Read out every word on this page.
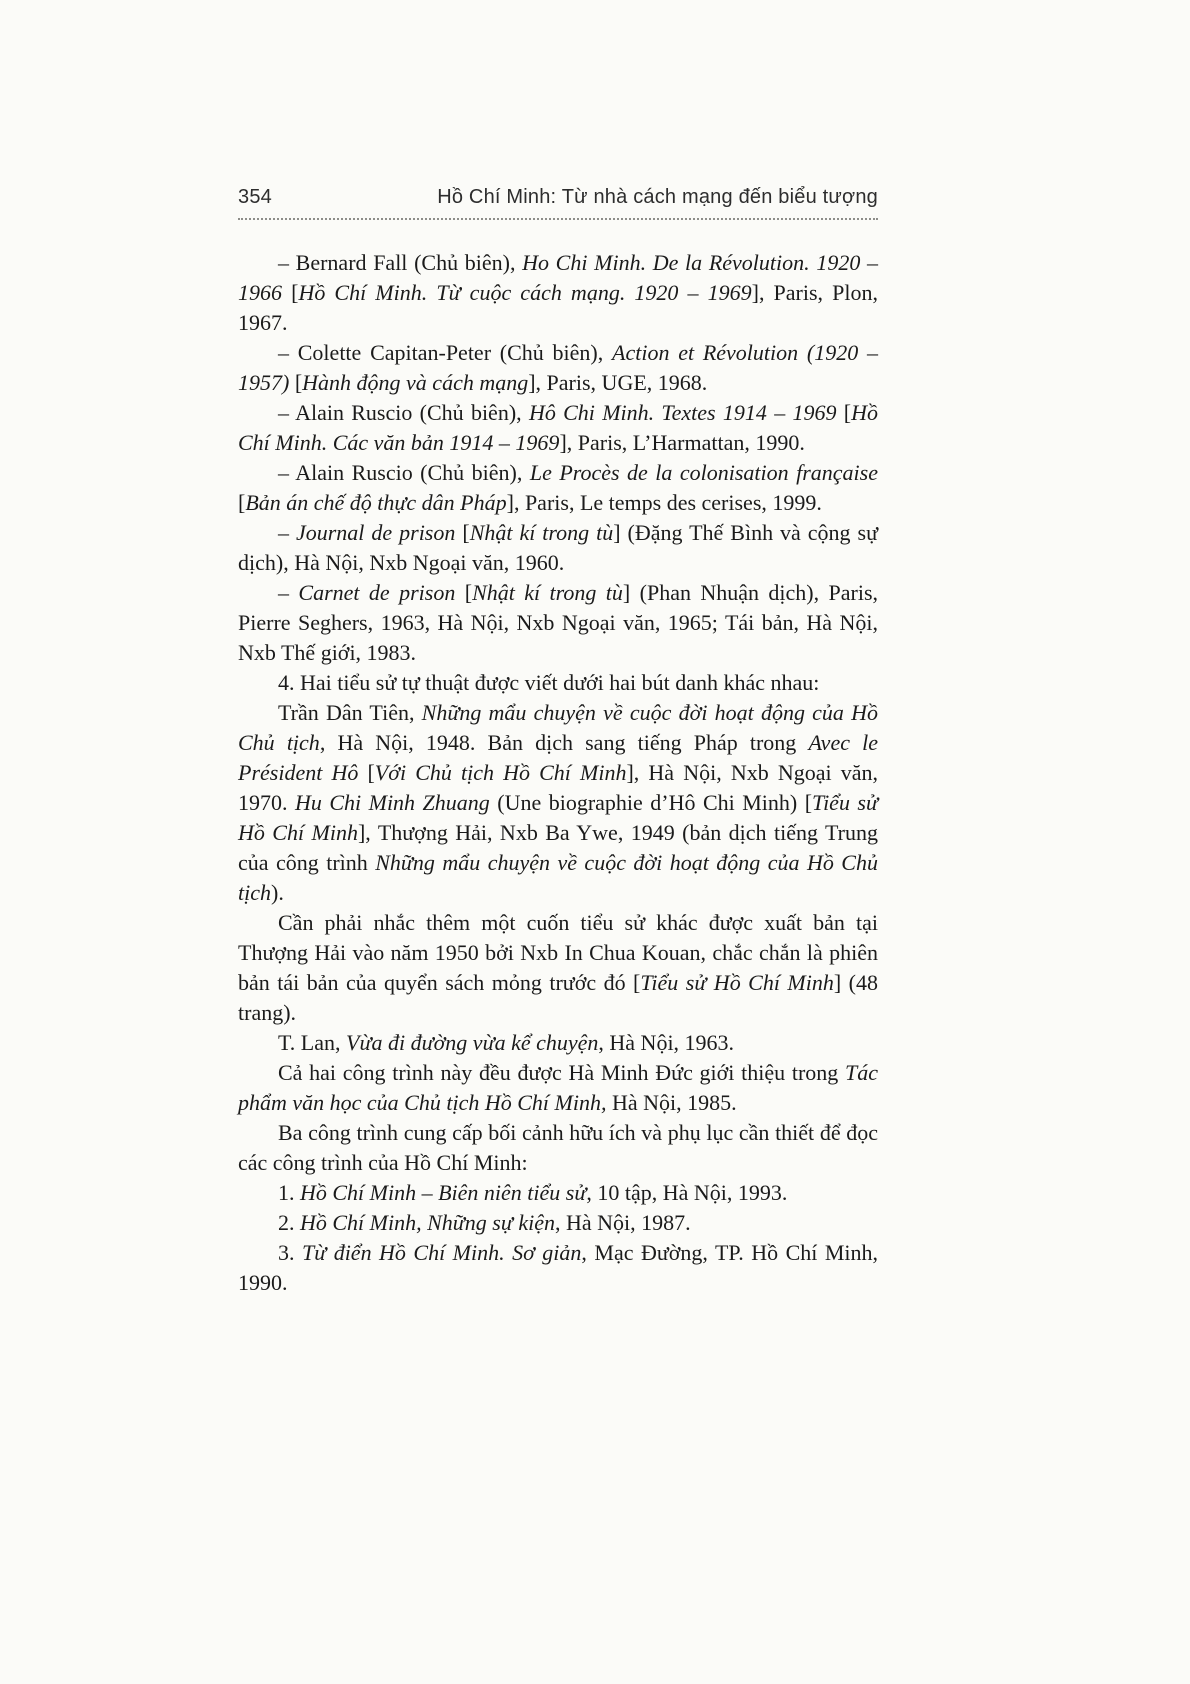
354	Hồ Chí Minh: Từ nhà cách mạng đến biểu tượng

– Bernard Fall (Chủ biên), Ho Chi Minh. De la Révolution. 1920 – 1966 [Hồ Chí Minh. Từ cuộc cách mạng. 1920 – 1969], Paris, Plon, 1967.

– Colette Capitan-Peter (Chủ biên), Action et Révolution (1920 – 1957) [Hành động và cách mạng], Paris, UGE, 1968.

– Alain Ruscio (Chủ biên), Hô Chi Minh. Textes 1914 – 1969 [Hồ Chí Minh. Các văn bản 1914 – 1969], Paris, L’Harmattan, 1990.

– Alain Ruscio (Chủ biên), Le Procès de la colonisation française [Bản án chế độ thực dân Pháp], Paris, Le temps des cerises, 1999.

– Journal de prison [Nhật kí trong tù] (Đặng Thế Bình và cộng sự dịch), Hà Nội, Nxb Ngoại văn, 1960.

– Carnet de prison [Nhật kí trong tù] (Phan Nhuận dịch), Paris, Pierre Seghers, 1963, Hà Nội, Nxb Ngoại văn, 1965; Tái bản, Hà Nội, Nxb Thế giới, 1983.

4. Hai tiểu sử tự thuật được viết dưới hai bút danh khác nhau:

Trần Dân Tiên, Những mẩu chuyện về cuộc đời hoạt động của Hồ Chủ tịch, Hà Nội, 1948. Bản dịch sang tiếng Pháp trong Avec le Président Hô [Với Chủ tịch Hồ Chí Minh], Hà Nội, Nxb Ngoại văn, 1970. Hu Chi Minh Zhuang (Une biographie d’Hô Chi Minh) [Tiểu sử Hồ Chí Minh], Thượng Hải, Nxb Ba Ywe, 1949 (bản dịch tiếng Trung của công trình Những mẩu chuyện về cuộc đời hoạt động của Hồ Chủ tịch).

Cần phải nhắc thêm một cuốn tiểu sử khác được xuất bản tại Thượng Hải vào năm 1950 bởi Nxb In Chua Kouan, chắc chắn là phiên bản tái bản của quyển sách mỏng trước đó [Tiểu sử Hồ Chí Minh] (48 trang).

T. Lan, Vừa đi đường vừa kể chuyện, Hà Nội, 1963.

Cả hai công trình này đều được Hà Minh Đức giới thiệu trong Tác phẩm văn học của Chủ tịch Hồ Chí Minh, Hà Nội, 1985.

Ba công trình cung cấp bối cảnh hữu ích và phụ lục cần thiết để đọc các công trình của Hồ Chí Minh:

1. Hồ Chí Minh – Biên niên tiểu sử, 10 tập, Hà Nội, 1993.

2. Hồ Chí Minh, Những sự kiện, Hà Nội, 1987.

3. Từ điển Hồ Chí Minh. Sơ giản, Mạc Đường, TP. Hồ Chí Minh, 1990.
